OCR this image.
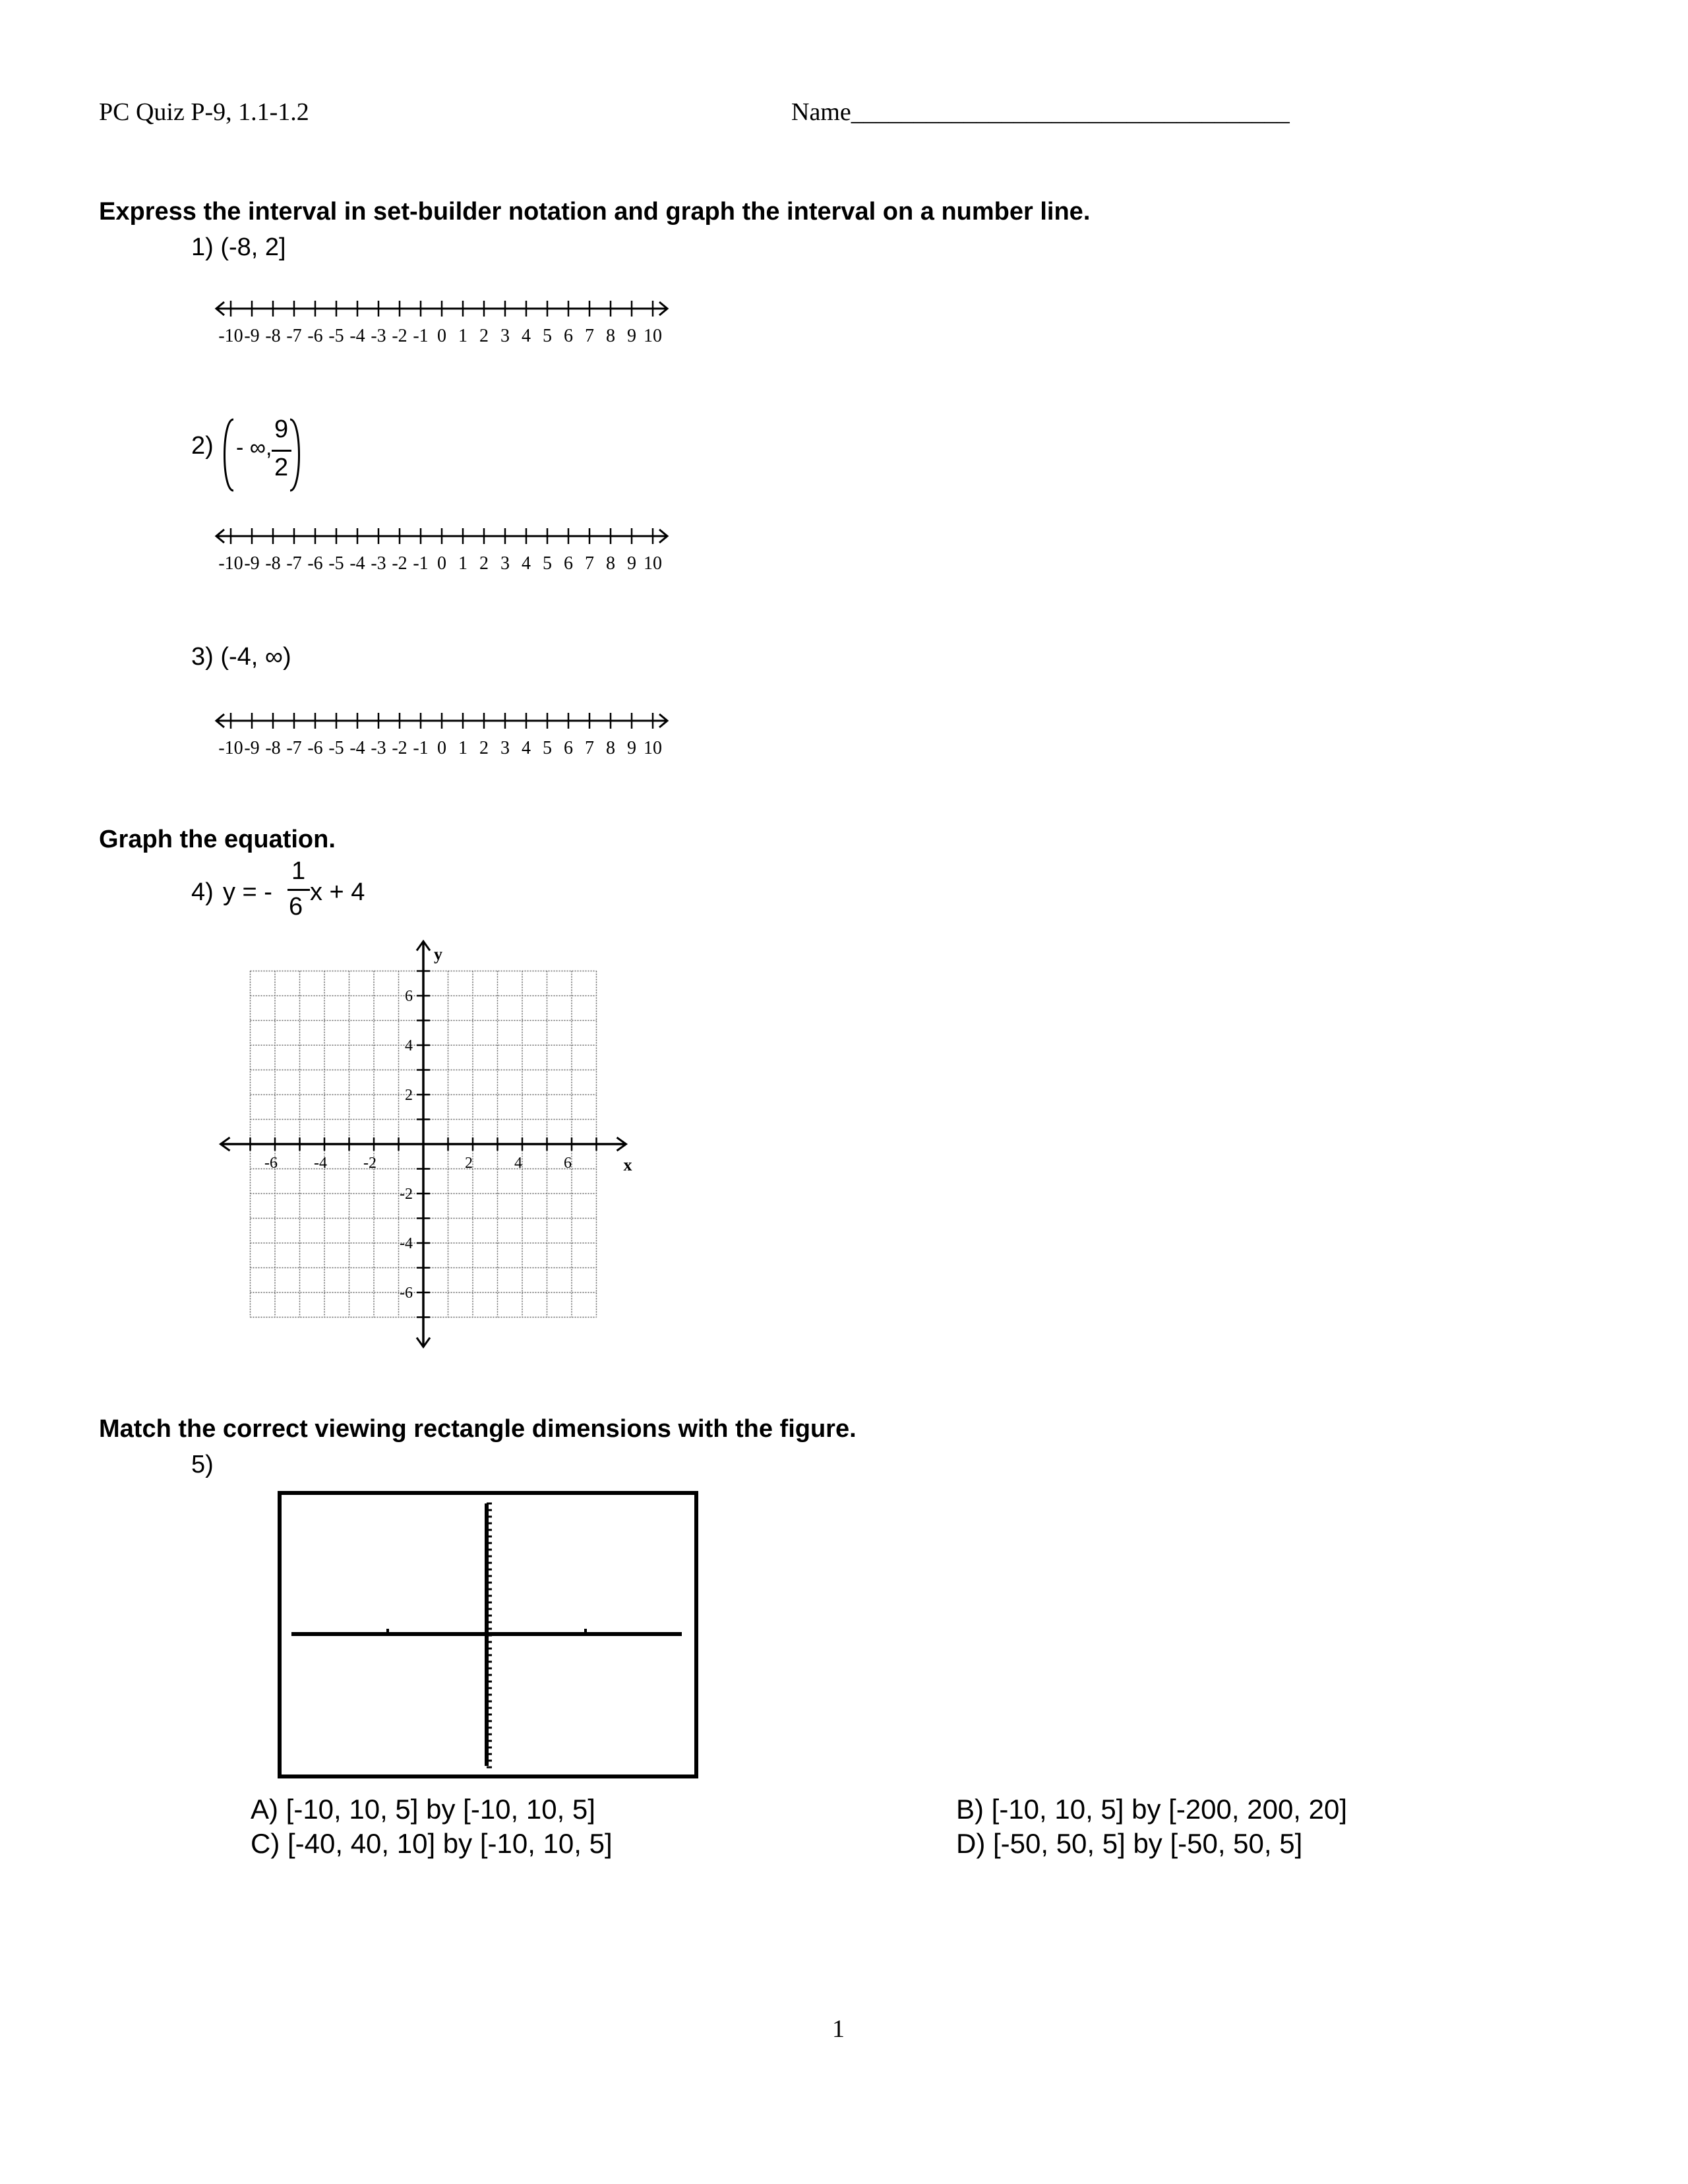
PC Quiz P-9, 1.1-1.2	Name___________________________________
Express the interval in set-builder notation and graph the interval on a number line.
1) (-8, 2]
-10 -9 -8 -7 -6 -5 -4 -3 -2 -1 0 1 2 3 4 5 6 7 8 9 10
2) - ∞,
9
2
-10 -9 -8 -7 -6 -5 -4 -3 -2 -1 0 1 2 3 4 5 6 7 8 9 10
3) (-4, ∞)
-10 -9 -8 -7 -6 -5 -4 -3 -2 -1 0 1 2 3 4 5 6 7 8 9 10
Graph the equation.
4) y = -
1
6
x + 4
-6 -4 -2	2	4	6
6
4
2
-2
-4
-6
x
y
Match the correct viewing rectangle dimensions with the figure.
5)
A) [-10, 10, 5] by [-10, 10, 5]	B) [-10, 10, 5] by [-200, 200, 20]
C) [-40, 40, 10] by [-10, 10, 5]	D) [-50, 50, 5] by [-50, 50, 5]
1
